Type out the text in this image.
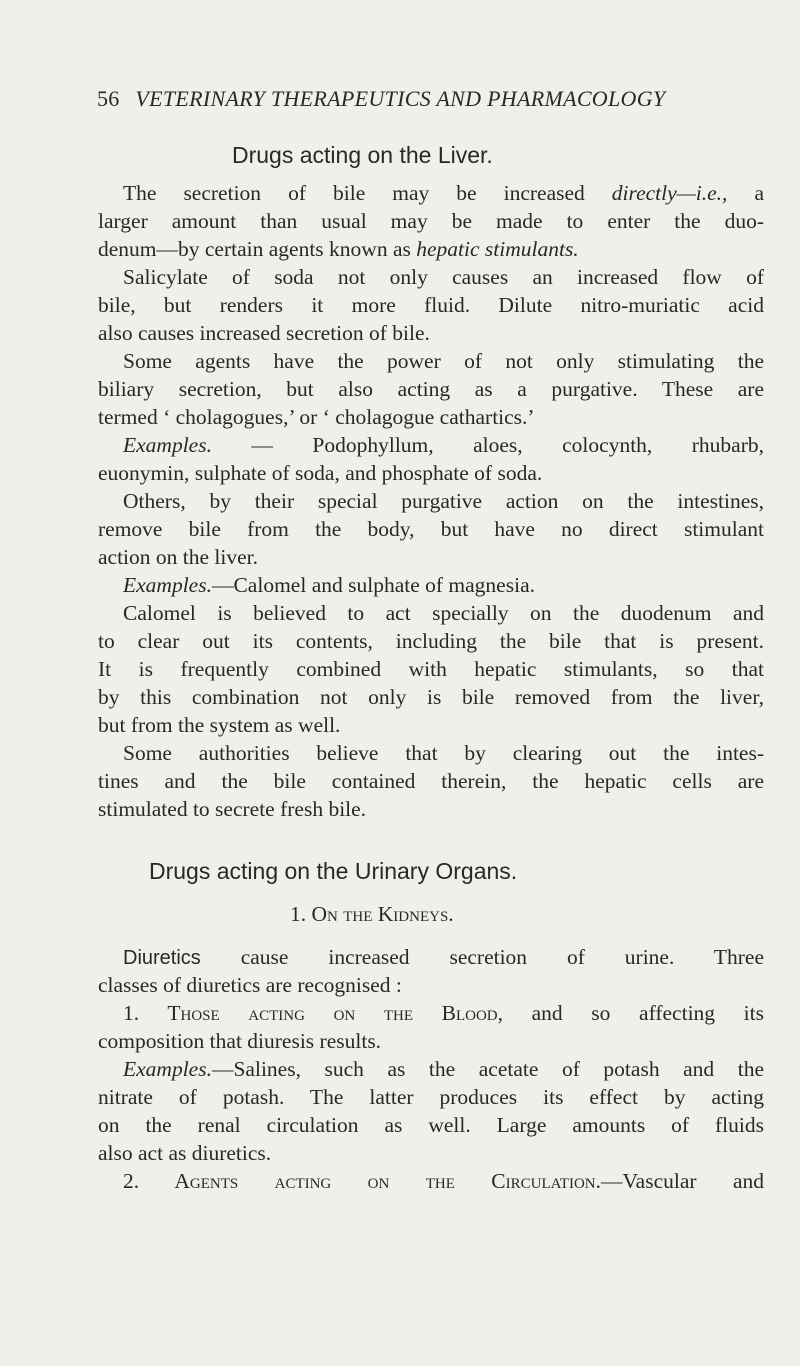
56 VETERINARY THERAPEUTICS AND PHARMACOLOGY
Drugs acting on the Liver.
The secretion of bile may be increased directly—i.e., a
larger amount than usual may be made to enter the duo-
denum—by certain agents known as hepatic stimulants.
Salicylate of soda not only causes an increased flow of
bile, but renders it more fluid. Dilute nitro-muriatic acid
also causes increased secretion of bile.
Some agents have the power of not only stimulating the
biliary secretion, but also acting as a purgative. These are
termed ‘ cholagogues,’ or ‘ cholagogue cathartics.’
Examples. — Podophyllum, aloes, colocynth, rhubarb,
euonymin, sulphate of soda, and phosphate of soda.
Others, by their special purgative action on the intestines,
remove bile from the body, but have no direct stimulant
action on the liver.
Examples.—Calomel and sulphate of magnesia.
Calomel is believed to act specially on the duodenum and
to clear out its contents, including the bile that is present.
It is frequently combined with hepatic stimulants, so that
by this combination not only is bile removed from the liver,
but from the system as well.
Some authorities believe that by clearing out the intes-
tines and the bile contained therein, the hepatic cells are
stimulated to secrete fresh bile.
Drugs acting on the Urinary Organs.
1. On the Kidneys.
Diuretics cause increased secretion of urine. Three
classes of diuretics are recognised :
1. Those acting on the Blood, and so affecting its
composition that diuresis results.
Examples.—Salines, such as the acetate of potash and the
nitrate of potash. The latter produces its effect by acting
on the renal circulation as well. Large amounts of fluids
also act as diuretics.
2. Agents acting on the Circulation.—Vascular and
